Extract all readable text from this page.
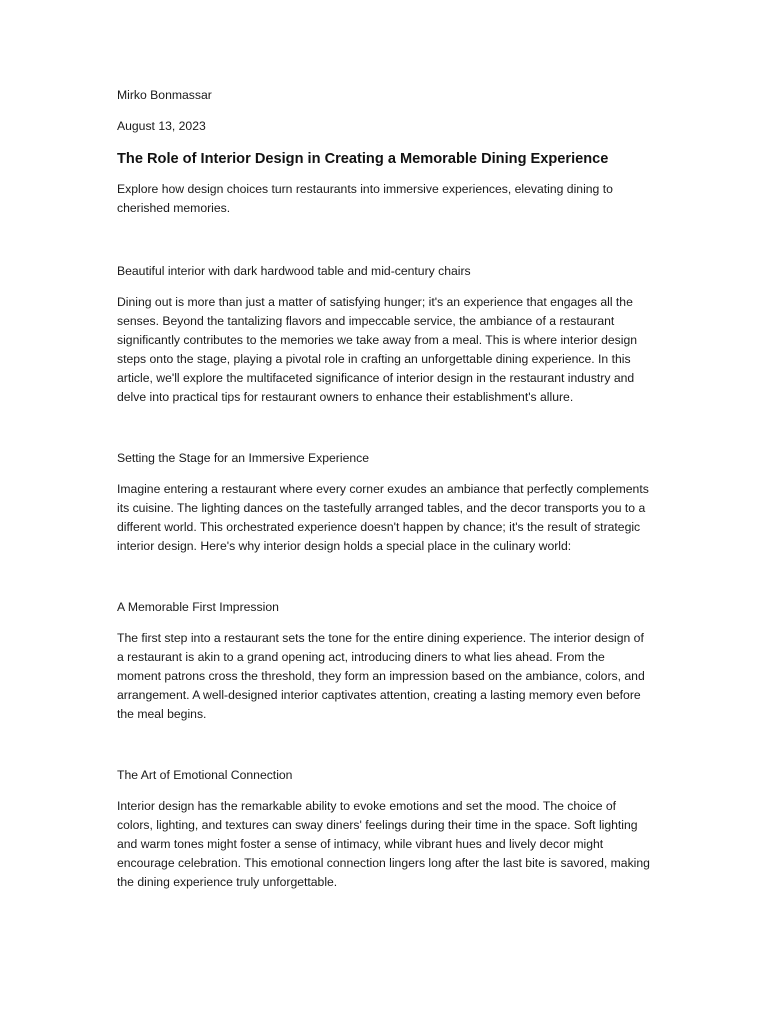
Mirko Bonmassar

August 13, 2023

The Role of Interior Design in Creating a Memorable Dining Experience

Explore how design choices turn restaurants into immersive experiences, elevating dining to cherished memories.

Beautiful interior with dark hardwood table and mid-century chairs

Dining out is more than just a matter of satisfying hunger; it's an experience that engages all the senses. Beyond the tantalizing flavors and impeccable service, the ambiance of a restaurant significantly contributes to the memories we take away from a meal. This is where interior design steps onto the stage, playing a pivotal role in crafting an unforgettable dining experience. In this article, we'll explore the multifaceted significance of interior design in the restaurant industry and delve into practical tips for restaurant owners to enhance their establishment's allure.

Setting the Stage for an Immersive Experience

Imagine entering a restaurant where every corner exudes an ambiance that perfectly complements its cuisine. The lighting dances on the tastefully arranged tables, and the decor transports you to a different world. This orchestrated experience doesn't happen by chance; it's the result of strategic interior design. Here's why interior design holds a special place in the culinary world:

A Memorable First Impression

The first step into a restaurant sets the tone for the entire dining experience. The interior design of a restaurant is akin to a grand opening act, introducing diners to what lies ahead. From the moment patrons cross the threshold, they form an impression based on the ambiance, colors, and arrangement. A well-designed interior captivates attention, creating a lasting memory even before the meal begins.

The Art of Emotional Connection

Interior design has the remarkable ability to evoke emotions and set the mood. The choice of colors, lighting, and textures can sway diners' feelings during their time in the space. Soft lighting and warm tones might foster a sense of intimacy, while vibrant hues and lively decor might encourage celebration. This emotional connection lingers long after the last bite is savored, making the dining experience truly unforgettable.
